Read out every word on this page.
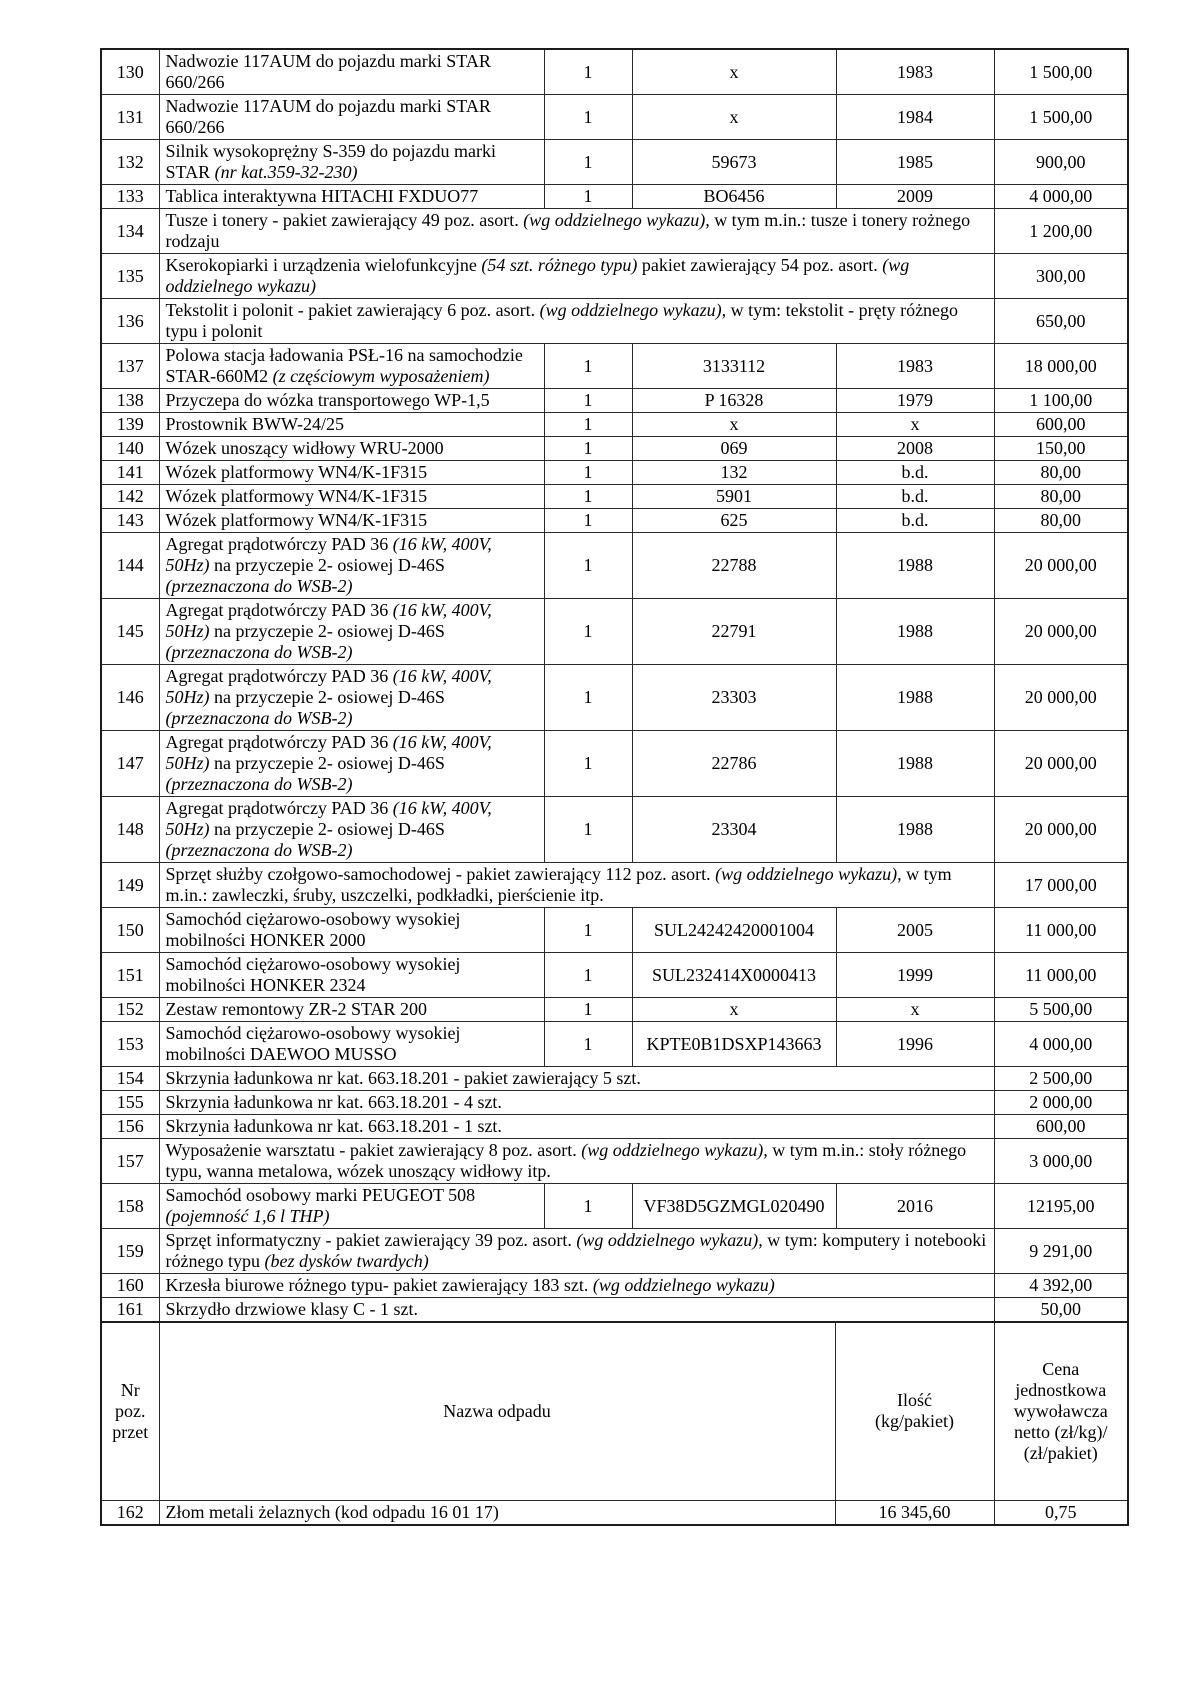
130	Nadwozie 117AUM do pojazdu marki STAR 660/266	1	x	1983	1 500,00
131	Nadwozie 117AUM do pojazdu marki STAR 660/266	1	x	1984	1 500,00
132	Silnik wysokoprężny S-359 do pojazdu marki STAR (nr kat.359-32-230)	1	59673	1985	900,00
133	Tablica interaktywna HITACHI FXDUO77	1	BO6456	2009	4 000,00
134	Tusze i tonery - pakiet zawierający 49 poz. asort. (wg oddzielnego wykazu), w tym m.in.: tusze i tonery rożnego rodzaju				1 200,00
135	Kserokopiarki i urządzenia wielofunkcyjne (54 szt. różnego typu) pakiet zawierający 54 poz. asort. (wg oddzielnego wykazu)				300,00
136	Tekstolit i polonit - pakiet zawierający 6 poz. asort. (wg oddzielnego wykazu), w tym: tekstolit - pręty różnego typu i polonit				650,00
137	Polowa stacja ładowania PSŁ-16 na samochodzie STAR-660M2 (z częściowym wyposażeniem)	1	3133112	1983	18 000,00
138	Przyczepa do wózka transportowego WP-1,5	1	P 16328	1979	1 100,00
139	Prostownik BWW-24/25	1	x	x	600,00
140	Wózek unoszący widłowy WRU-2000	1	069	2008	150,00
141	Wózek platformowy WN4/K-1F315	1	132	b.d.	80,00
142	Wózek platformowy WN4/K-1F315	1	5901	b.d.	80,00
143	Wózek platformowy WN4/K-1F315	1	625	b.d.	80,00
144	Agregat prądotwórczy PAD 36 (16 kW, 400V, 50Hz) na przyczepie 2- osiowej D-46S (przeznaczona do WSB-2)	1	22788	1988	20 000,00
145	Agregat prądotwórczy PAD 36 (16 kW, 400V, 50Hz) na przyczepie 2- osiowej D-46S (przeznaczona do WSB-2)	1	22791	1988	20 000,00
146	Agregat prądotwórczy PAD 36 (16 kW, 400V, 50Hz) na przyczepie 2- osiowej D-46S (przeznaczona do WSB-2)	1	23303	1988	20 000,00
147	Agregat prądotwórczy PAD 36 (16 kW, 400V, 50Hz) na przyczepie 2- osiowej D-46S (przeznaczona do WSB-2)	1	22786	1988	20 000,00
148	Agregat prądotwórczy PAD 36 (16 kW, 400V, 50Hz) na przyczepie 2- osiowej D-46S (przeznaczona do WSB-2)	1	23304	1988	20 000,00
149	Sprzęt służby czołgowo-samochodowej - pakiet zawierający 112 poz. asort. (wg oddzielnego wykazu), w tym m.in.: zawleczki, śruby, uszczelki, podkładki, pierścienie itp.				17 000,00
150	Samochód ciężarowo-osobowy wysokiej mobilności HONKER 2000	1	SUL24242420001004	2005	11 000,00
151	Samochód ciężarowo-osobowy wysokiej mobilności HONKER 2324	1	SUL232414X0000413	1999	11 000,00
152	Zestaw remontowy ZR-2 STAR 200	1	x	x	5 500,00
153	Samochód ciężarowo-osobowy wysokiej mobilności DAEWOO MUSSO	1	KPTE0B1DSXP143663	1996	4 000,00
154	Skrzynia ładunkowa nr kat. 663.18.201 - pakiet zawierający 5 szt.				2 500,00
155	Skrzynia ładunkowa nr kat. 663.18.201 - 4 szt.				2 000,00
156	Skrzynia ładunkowa nr kat. 663.18.201 - 1 szt.				600,00
157	Wyposażenie warsztatu - pakiet zawierający 8 poz. asort. (wg oddzielnego wykazu), w tym m.in.: stoły różnego typu, wanna metalowa, wózek unoszący widłowy itp.				3 000,00
158	Samochód osobowy marki PEUGEOT 508 (pojemność 1,6 l THP)	1	VF38D5GZMGL020490	2016	12195,00
159	Sprzęt informatyczny - pakiet zawierający 39 poz. asort. (wg oddzielnego wykazu), w tym: komputery i notebooki różnego typu (bez dysków twardych)				9 291,00
160	Krzesła biurowe różnego typu- pakiet zawierający 183 szt. (wg oddzielnego wykazu)				4 392,00
161	Skrzydło drzwiowe klasy C - 1 szt.				50,00
Nr poz. przet	Nazwa odpadu	Ilość (kg/pakiet)	Cena jednostkowa wywoławcza netto (zł/kg)/ (zł/pakiet)
162	Złom metali żelaznych (kod odpadu 16 01 17)	16 345,60	0,75
